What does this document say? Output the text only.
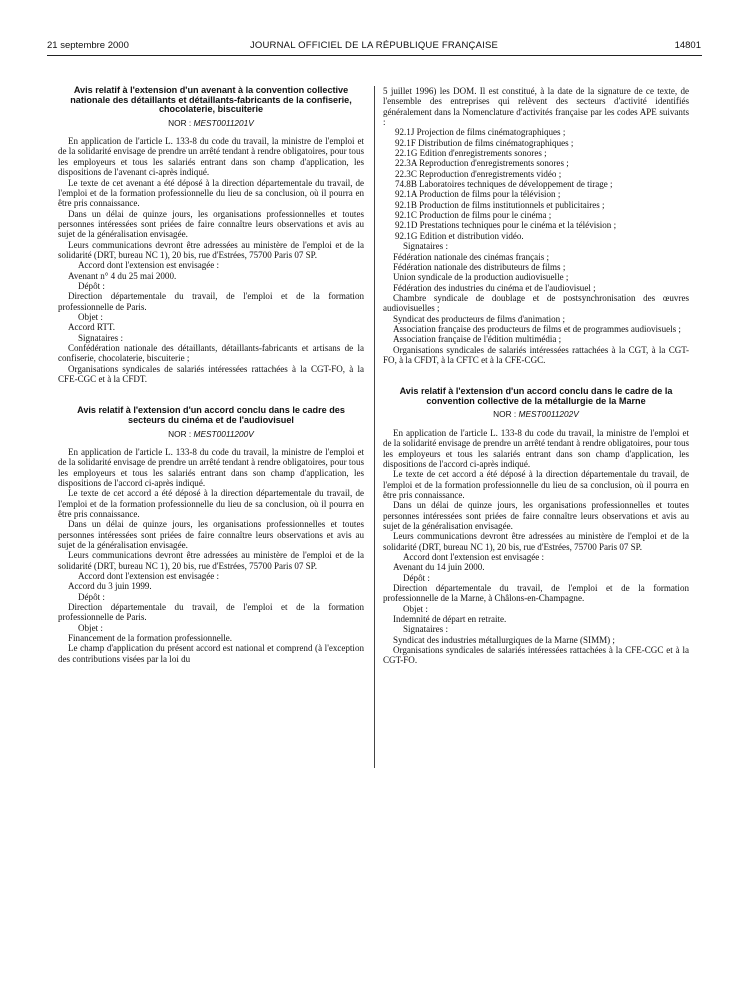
JOURNAL OFFICIEL DE LA RÉPUBLIQUE FRANÇAISE
21 septembre 2000	14801
Avis relatif à l'extension d'un avenant à la convention collective nationale des détaillants et détaillants-fabricants de la confiserie, chocolaterie, biscuiterie
NOR : MEST0011201V

En application de l'article L. 133-8 du code du travail, la ministre de l'emploi et de la solidarité envisage de prendre un arrêté tendant à rendre obligatoires, pour tous les employeurs et tous les salariés entrant dans son champ d'application, les dispositions de l'avenant ci-après indiqué.

Le texte de cet avenant a été déposé à la direction départementale du travail, de l'emploi et de la formation professionnelle du lieu de sa conclusion, où il pourra en être pris connaissance.

Dans un délai de quinze jours, les organisations professionnelles et toutes personnes intéressées sont priées de faire connaître leurs observations et avis au sujet de la généralisation envisagée.

Leurs communications devront être adressées au ministère de l'emploi et de la solidarité (DRT, bureau NC 1), 20 bis, rue d'Estrées, 75700 Paris 07 SP.

Accord dont l'extension est envisagée :

Avenant n° 4 du 25 mai 2000.

Dépôt :

Direction départementale du travail, de l'emploi et de la formation professionnelle de Paris.

Objet :

Accord RTT.

Signataires :

Confédération nationale des détaillants, détaillants-fabricants et artisans de la confiserie, chocolaterie, biscuiterie ;

Organisations syndicales de salariés intéressées rattachées à la CGT-FO, à la CFE-CGC et à la CFDT.

Avis relatif à l'extension d'un accord conclu dans le cadre des secteurs du cinéma et de l'audiovisuel
NOR : MEST0011200V

En application de l'article L. 133-8 du code du travail, la ministre de l'emploi et de la solidarité envisage de prendre un arrêté tendant à rendre obligatoires, pour tous les employeurs et tous les salariés entrant dans son champ d'application, les dispositions de l'accord ci-après indiqué.

Le texte de cet accord a été déposé à la direction départementale du travail, de l'emploi et de la formation professionnelle du lieu de sa conclusion, où il pourra en être pris connaissance.

Dans un délai de quinze jours, les organisations professionnelles et toutes personnes intéressées sont priées de faire connaître leurs observations et avis au sujet de la généralisation envisagée.

Leurs communications devront être adressées au ministère de l'emploi et de la solidarité (DRT, bureau NC 1), 20 bis, rue d'Estrées, 75700 Paris 07 SP.

Accord dont l'extension est envisagée :

Accord du 3 juin 1999.

Dépôt :

Direction départementale du travail, de l'emploi et de la formation professionnelle de Paris.

Objet :

Financement de la formation professionnelle.

Le champ d'application du présent accord est national et comprend (à l'exception des contributions visées par la loi du

5 juillet 1996) les DOM. Il est constitué, à la date de la signature de ce texte, de l'ensemble des entreprises qui relèvent des secteurs d'activité identifiés généralement dans la Nomenclature d'activités française par les codes APE suivants :

92.1J Projection de films cinématographiques ;

92.1F Distribution de films cinématographiques ;

22.1G Edition d'enregistrements sonores ;

22.3A Reproduction d'enregistrements sonores ;

22.3C Reproduction d'enregistrements vidéo ;

74.8B Laboratoires techniques de développement de tirage ;

92.1A Production de films pour la télévision ;

92.1B Production de films institutionnels et publicitaires ;

92.1C Production de films pour le cinéma ;

92.1D Prestations techniques pour le cinéma et la télévision ;

92.1G Edition et distribution vidéo.

Signataires :

Fédération nationale des cinémas français ;

Fédération nationale des distributeurs de films ;

Union syndicale de la production audiovisuelle ;

Fédération des industries du cinéma et de l'audiovisuel ;

Chambre syndicale de doublage et de postsynchronisation des œuvres audiovisuelles ;

Syndicat des producteurs de films d'animation ;

Association française des producteurs de films et de programmes audiovisuels ;

Association française de l'édition multimédia ;

Organisations syndicales de salariés intéressées rattachées à la CGT, à la CGT-FO, à la CFDT, à la CFTC et à la CFE-CGC.

Avis relatif à l'extension d'un accord conclu dans le cadre de la convention collective de la métallurgie de la Marne
NOR : MEST0011202V

En application de l'article L. 133-8 du code du travail, la ministre de l'emploi et de la solidarité envisage de prendre un arrêté tendant à rendre obligatoires, pour tous les employeurs et tous les salariés entrant dans son champ d'application, les dispositions de l'accord ci-après indiqué.

Le texte de cet accord a été déposé à la direction départementale du travail, de l'emploi et de la formation professionnelle du lieu de sa conclusion, où il pourra en être pris connaissance.

Dans un délai de quinze jours, les organisations professionnelles et toutes personnes intéressées sont priées de faire connaître leurs observations et avis au sujet de la généralisation envisagée.

Leurs communications devront être adressées au ministère de l'emploi et de la solidarité (DRT, bureau NC 1), 20 bis, rue d'Estrées, 75700 Paris 07 SP.

Accord dont l'extension est envisagée :

Avenant du 14 juin 2000.

Dépôt :

Direction départementale du travail, de l'emploi et de la formation professionnelle de la Marne, à Châlons-en-Champagne.

Objet :

Indemnité de départ en retraite.

Signataires :

Syndicat des industries métallurgiques de la Marne (SIMM) ;

Organisations syndicales de salariés intéressées rattachées à la CFE-CGC et à la CGT-FO.
